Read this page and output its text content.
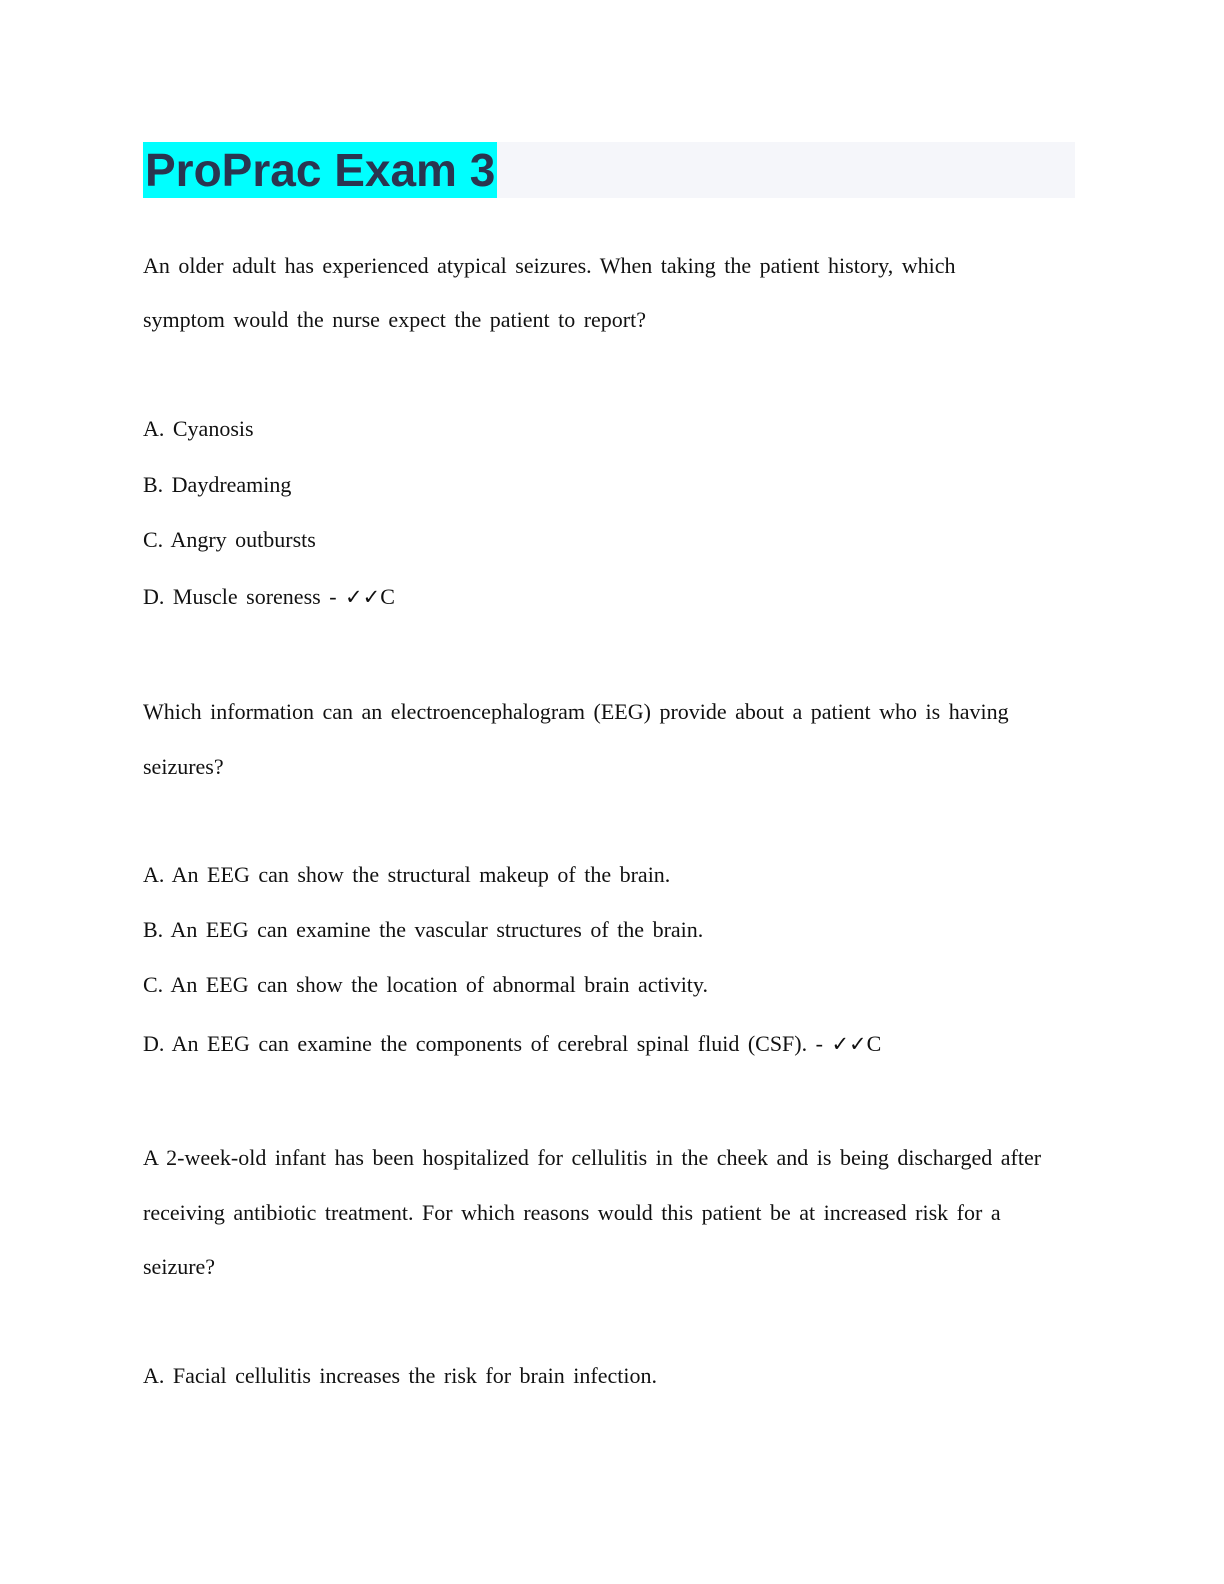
ProPrac Exam 3
An older adult has experienced atypical seizures. When taking the patient history, which
symptom would the nurse expect the patient to report?
A. Cyanosis
B. Daydreaming
C. Angry outbursts
D. Muscle soreness - ✓✓C
Which information can an electroencephalogram (EEG) provide about a patient who is having
seizures?
A. An EEG can show the structural makeup of the brain.
B. An EEG can examine the vascular structures of the brain.
C. An EEG can show the location of abnormal brain activity.
D. An EEG can examine the components of cerebral spinal fluid (CSF). - ✓✓C
A 2-week-old infant has been hospitalized for cellulitis in the cheek and is being discharged after
receiving antibiotic treatment. For which reasons would this patient be at increased risk for a
seizure?
A. Facial cellulitis increases the risk for brain infection.
